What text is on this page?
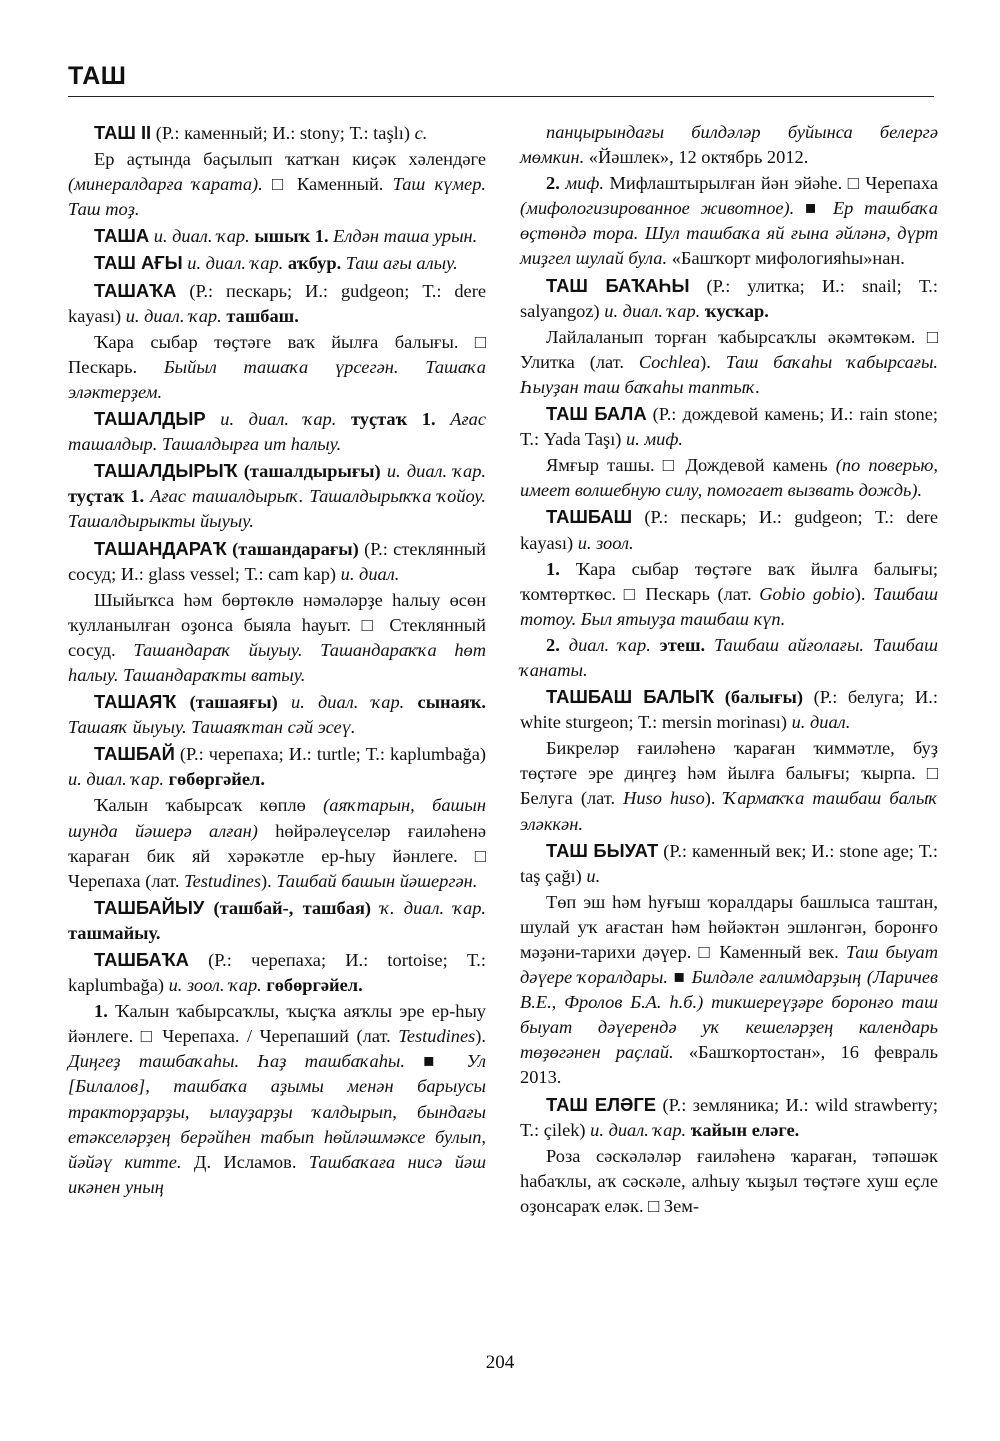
ТАШ

ТАШ II (Р.: каменный; И.: stony; Т.: taşlı) с.

Ер аҫтында баҫылып ҡатҡан киҫәк хәлендәге (минералдарға ҡарата). □ Каменный. Таш күмер. Таш тоҙ.

ТАША и. диал. ҡар. ышыҡ 1. Елдән таша урын.

ТАШ АҒЫ и. диал. ҡар. аҡбур. Таш ағы алыу.

ТАШАҠА (Р.: пескарь; И.: gudgeon; Т.: dere kayası) и. диал. ҡар. ташбаш.

Ҡара сыбар төҫтәге ваҡ йылға балығы. □ Пескарь. Быйыл ташаҡа үрсегән. Ташаҡа эләктерҙем.

ТАШАЛДЫР и. диал. ҡар. туҫтаҡ 1. Ағас ташалдыр. Ташалдырға ит һалыу.

ТАШАЛДЫРЫҠ (ташалдырығы) и. диал. ҡар. туҫтаҡ 1. Ағас ташалдырыҡ. Ташалдырыҡҡа ҡойоу. Ташалдырыкты йыуыу.

ТАШАНДАРАҠ (ташандарағы) (Р.: стеклянный сосуд; И.: glass vessel; Т.: cam kap) и. диал.

Шыйыҡса һәм бөртөклө нәмәләрҙе һалыу өсөн ҡулланылған оҙонса быяла һауыт. □ Стеклянный сосуд. Ташандараҡ йыуыу. Ташандараҡҡа һөт һалыу. Ташандараҡты ватыу.

ТАШАЯҠ (ташаяғы) и. диал. ҡар. сынаяҡ. Ташаяҡ йыуыу. Ташаяҡтан сәй эсеү.

ТАШБАЙ (Р.: черепаха; И.: turtle; Т.: kaplumbağa) и. диал. ҡар. гөбөргәйел.

Ҡалын ҡабырсаҡ көплө (аяҡтарын, башын шунда йәшерә алған) һөйрәлеүселәр ғаиләһенә ҡараған бик яй хәрәкәтле ер-һыу йәнлеге. □ Черепаха (лат. Testudines). Ташбай башын йәшергән.

ТАШБАЙЫУ (ташбай-, ташбая) ҡ. диал. ҡар. ташмайыу.

ТАШБАҠА (Р.: черепаха; И.: tortoise; Т.: kaplumbağa) и. зоол. ҡар. гөбөргәйел.

1. Ҡалын ҡабырсаҡлы, ҡыҫҡа аяҡлы эре ер-һыу йәнлеге. □ Черепаха. / Черепаший (лат. Testudines). Диңгеҙ ташбаҡаһы. Һаҙ ташбаҡаһы. ■ Ул [Билалов], ташбаҡа аҙымы менән барыусы тракторҙарҙы, ылауҙарҙы ҡалдырып, бындағы етәкселәрҙең берәйһен табып һөйләшмәксе булып, йәйәү китте. Д. Исламов. Ташбаҡаға нисә йәш икәнен уның

панцырындағы билдәләр буйынса белергә мөмкин. «Йәшлек», 12 октябрь 2012.

2. миф. Мифлаштырылған йән эйәһе. □ Черепаха (мифологизированное животное). ■ Ер ташбаҡа өҫтөндә тора. Шул ташбаҡа яй ғына әйләнә, дүрт миҙгел шулай була. «Башҡорт мифологияһы»нан.

ТАШ БАҠАҺЫ (Р.: улитка; И.: snail; Т.: salyangoz) и. диал. ҡар. ҡусҡар.

Лайлаланып торған ҡабырсаҡлы әкәмтөкәм. □ Улитка (лат. Cochlea). Таш баҡаһы ҡабырсағы. Һыуҙан таш баҡаһы таптыҡ.

ТАШ БАЛА (Р.: дождевой камень; И.: rain stone; Т.: Yada Taşı) и. миф.

Ямғыр ташы. □ Дождевой камень (по поверью, имеет волшебную силу, помогает вызвать дождь).

ТАШБАШ (Р.: пескарь; И.: gudgeon; Т.: dere kayası) и. зоол.

1. Ҡара сыбар төҫтәге ваҡ йылға балығы; ҡомтөрткөс. □ Пескарь (лат. Gobio gobio). Ташбаш тотоу. Был ятыуҙа ташбаш күп.

2. диал. ҡар. этеш. Ташбаш айғолағы. Ташбаш ҡанаты.

ТАШБАШ БАЛЫҠ (балығы) (Р.: белуга; И.: white sturgeon; Т.: mersin morinası) и. диал.

Бикреләр ғаиләһенә ҡараған ҡиммәтле, буҙ төҫтәге эре диңгеҙ һәм йылға балығы; ҡырпа. □ Белуга (лат. Huso huso). Ҡармаҡҡа ташбаш балыҡ эләккән.

ТАШ БЫУАТ (Р.: каменный век; И.: stone age; Т.: taş çağı) и.

Төп эш һәм һуғыш ҡоралдары башлыса таштан, шулай уҡ ағастан һәм һөйәктән эшләнгән, боронғо мәҙәни-тарихи дәүер. □ Каменный век. Таш быуат дәүере ҡоралдары. ■ Билдәле ғалимдарҙың (Ларичев В.Е., Фролов Б.А. һ.б.) тикшереүҙәре боронғо таш быуат дәүерендә уҡ кешеләрҙең календарь төҙөгәнен раҫлай. «Башҡортостан», 16 февраль 2013.

ТАШ ЕЛӘГЕ (Р.: земляника; И.: wild strawberry; Т.: çilek) и. диал. ҡар. ҡайын еләге.

Роза сәскәләләр ғаиләһенә ҡараған, тәпәшәк һабаҡлы, аҡ сәскәле, алһыу ҡыҙыл төҫтәге хуш еҫле оҙонсараҡ еләк. □ Зем-

204
